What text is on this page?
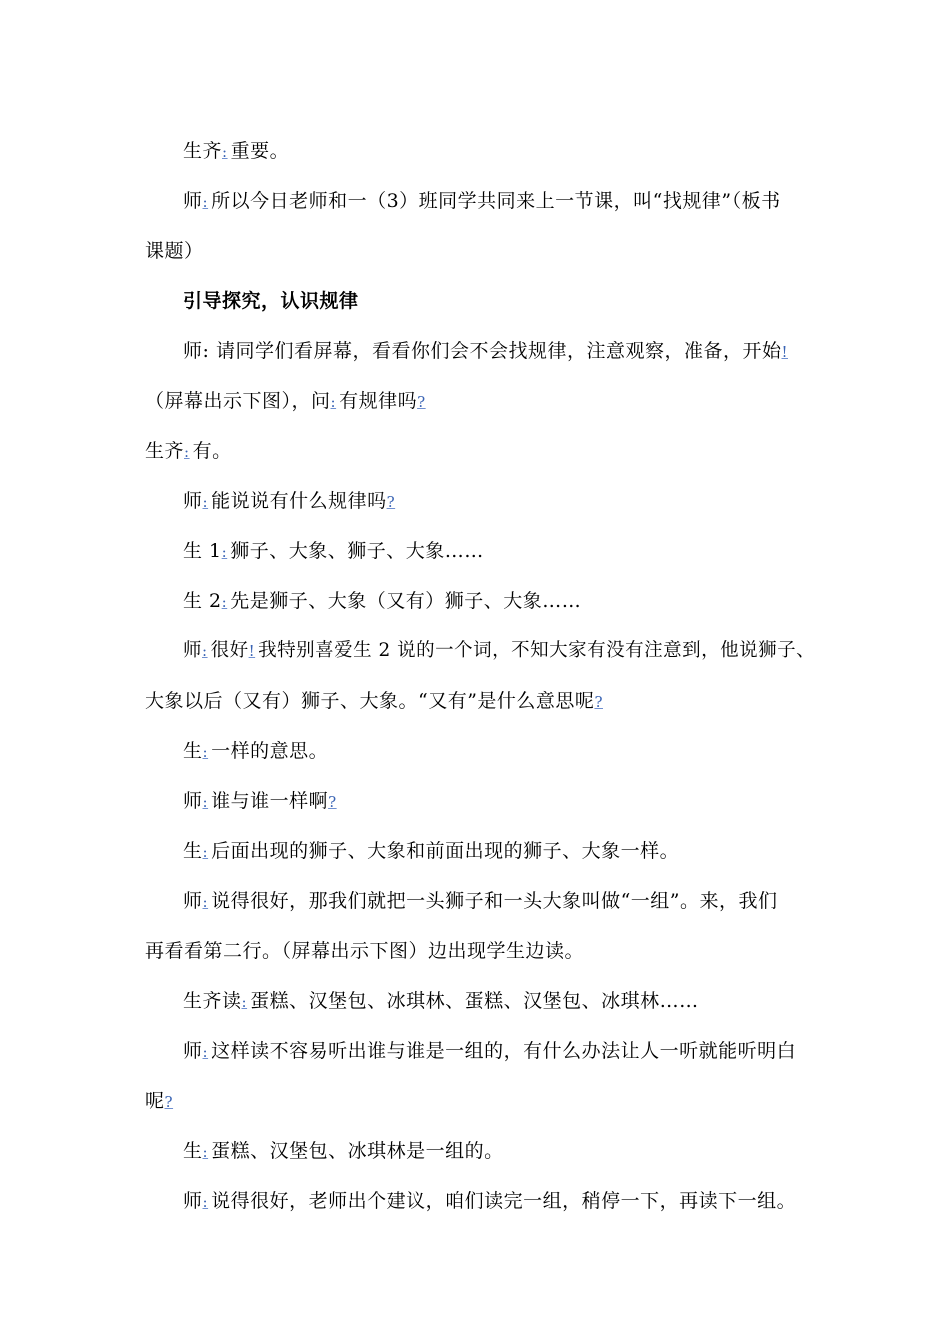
生齐: 重要。
师: 所以今日老师和一（3）班同学共同来上一节课，叫“找规律”（板书
课题）
引导探究，认识规律
师: 请同学们看屏幕，看看你们会不会找规律，注意观察，准备，开始!
（屏幕出示下图），问: 有规律吗?
生齐: 有。
师: 能说说有什么规律吗?
生 1: 狮子、大象、狮子、大象……
生 2: 先是狮子、大象（又有）狮子、大象……
师: 很好! 我特别喜爱生 2 说的一个词，不知大家有没有注意到，他说狮子、
大象以后（又有）狮子、大象。“又有”是什么意思呢?
生: 一样的意思。
师: 谁与谁一样啊?
生: 后面出现的狮子、大象和前面出现的狮子、大象一样。
师: 说得很好，那我们就把一头狮子和一头大象叫做“一组”。来，我们
再看看第二行。（屏幕出示下图）边出现学生边读。
生齐读: 蛋糕、汉堡包、冰琪林、蛋糕、汉堡包、冰琪林……
师: 这样读不容易听出谁与谁是一组的，有什么办法让人一听就能听明白
呢?
生: 蛋糕、汉堡包、冰琪林是一组的。
师: 说得很好，老师出个建议，咱们读完一组，稍停一下，再读下一组。
